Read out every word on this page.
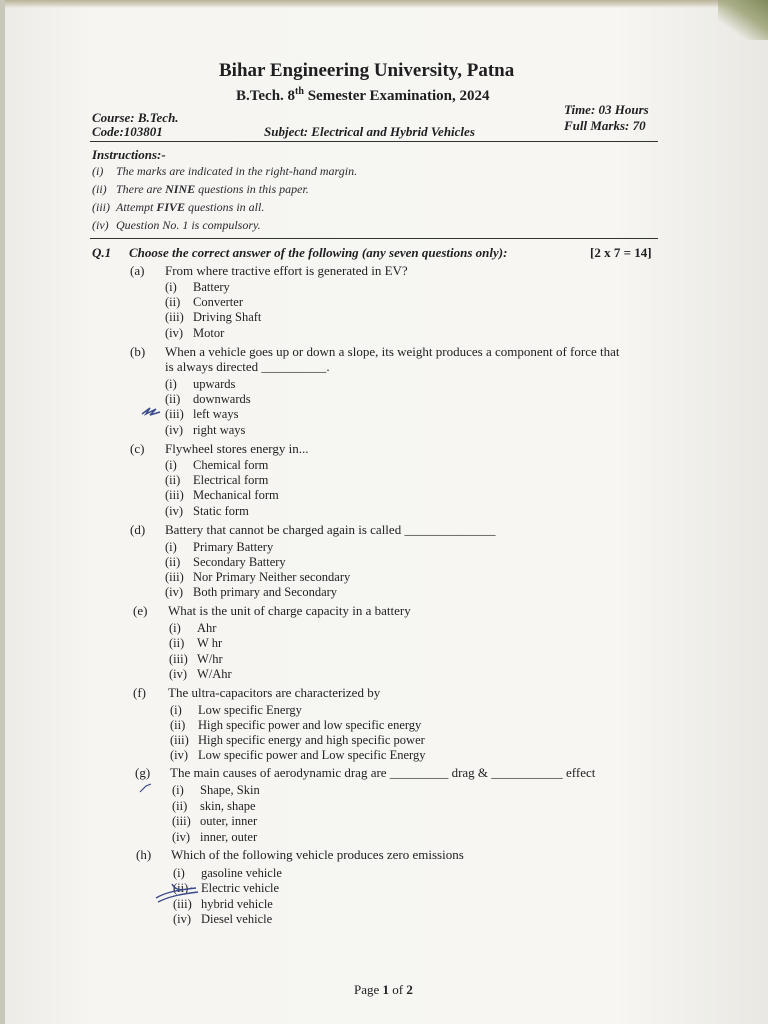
Bihar Engineering University, Patna
B.Tech. 8th Semester Examination, 2024
Course: B.Tech.
Code:103801	Subject: Electrical and Hybrid Vehicles
Time: 03 Hours
Full Marks: 70
Instructions:-
(i) The marks are indicated in the right-hand margin.
(ii) There are NINE questions in this paper.
(iii) Attempt FIVE questions in all.
(iv) Question No. 1 is compulsory.
Q.1 Choose the correct answer of the following (any seven questions only):	[2 x 7 = 14]
(a) From where tractive effort is generated in EV?
(i) Battery
(ii) Converter
(iii) Driving Shaft
(iv) Motor
(b) When a vehicle goes up or down a slope, its weight produces a component of force that
is always directed __________.
(i) upwards
(ii) downwards
(iii) left ways
(iv) right ways
(c) Flywheel stores energy in...
(i) Chemical form
(ii) Electrical form
(iii) Mechanical form
(iv) Static form
(d) Battery that cannot be charged again is called ______________
(i) Primary Battery
(ii) Secondary Battery
(iii) Nor Primary Neither secondary
(iv) Both primary and Secondary
(e) What is the unit of charge capacity in a battery
(i) Ahr
(ii) W hr
(iii) W/hr
(iv) W/Ahr
(f) The ultra-capacitors are characterized by
(i) Low specific Energy
(ii) High specific power and low specific energy
(iii) High specific energy and high specific power
(iv) Low specific power and Low specific Energy
(g) The main causes of aerodynamic drag are _________ drag & ___________ effect
(i) Shape, Skin
(ii) skin, shape
(iii) outer, inner
(iv) inner, outer
(h) Which of the following vehicle produces zero emissions
(i) gasoline vehicle
(ii) Electric vehicle
(iii) hybrid vehicle
(iv) Diesel vehicle
Page 1 of 2
